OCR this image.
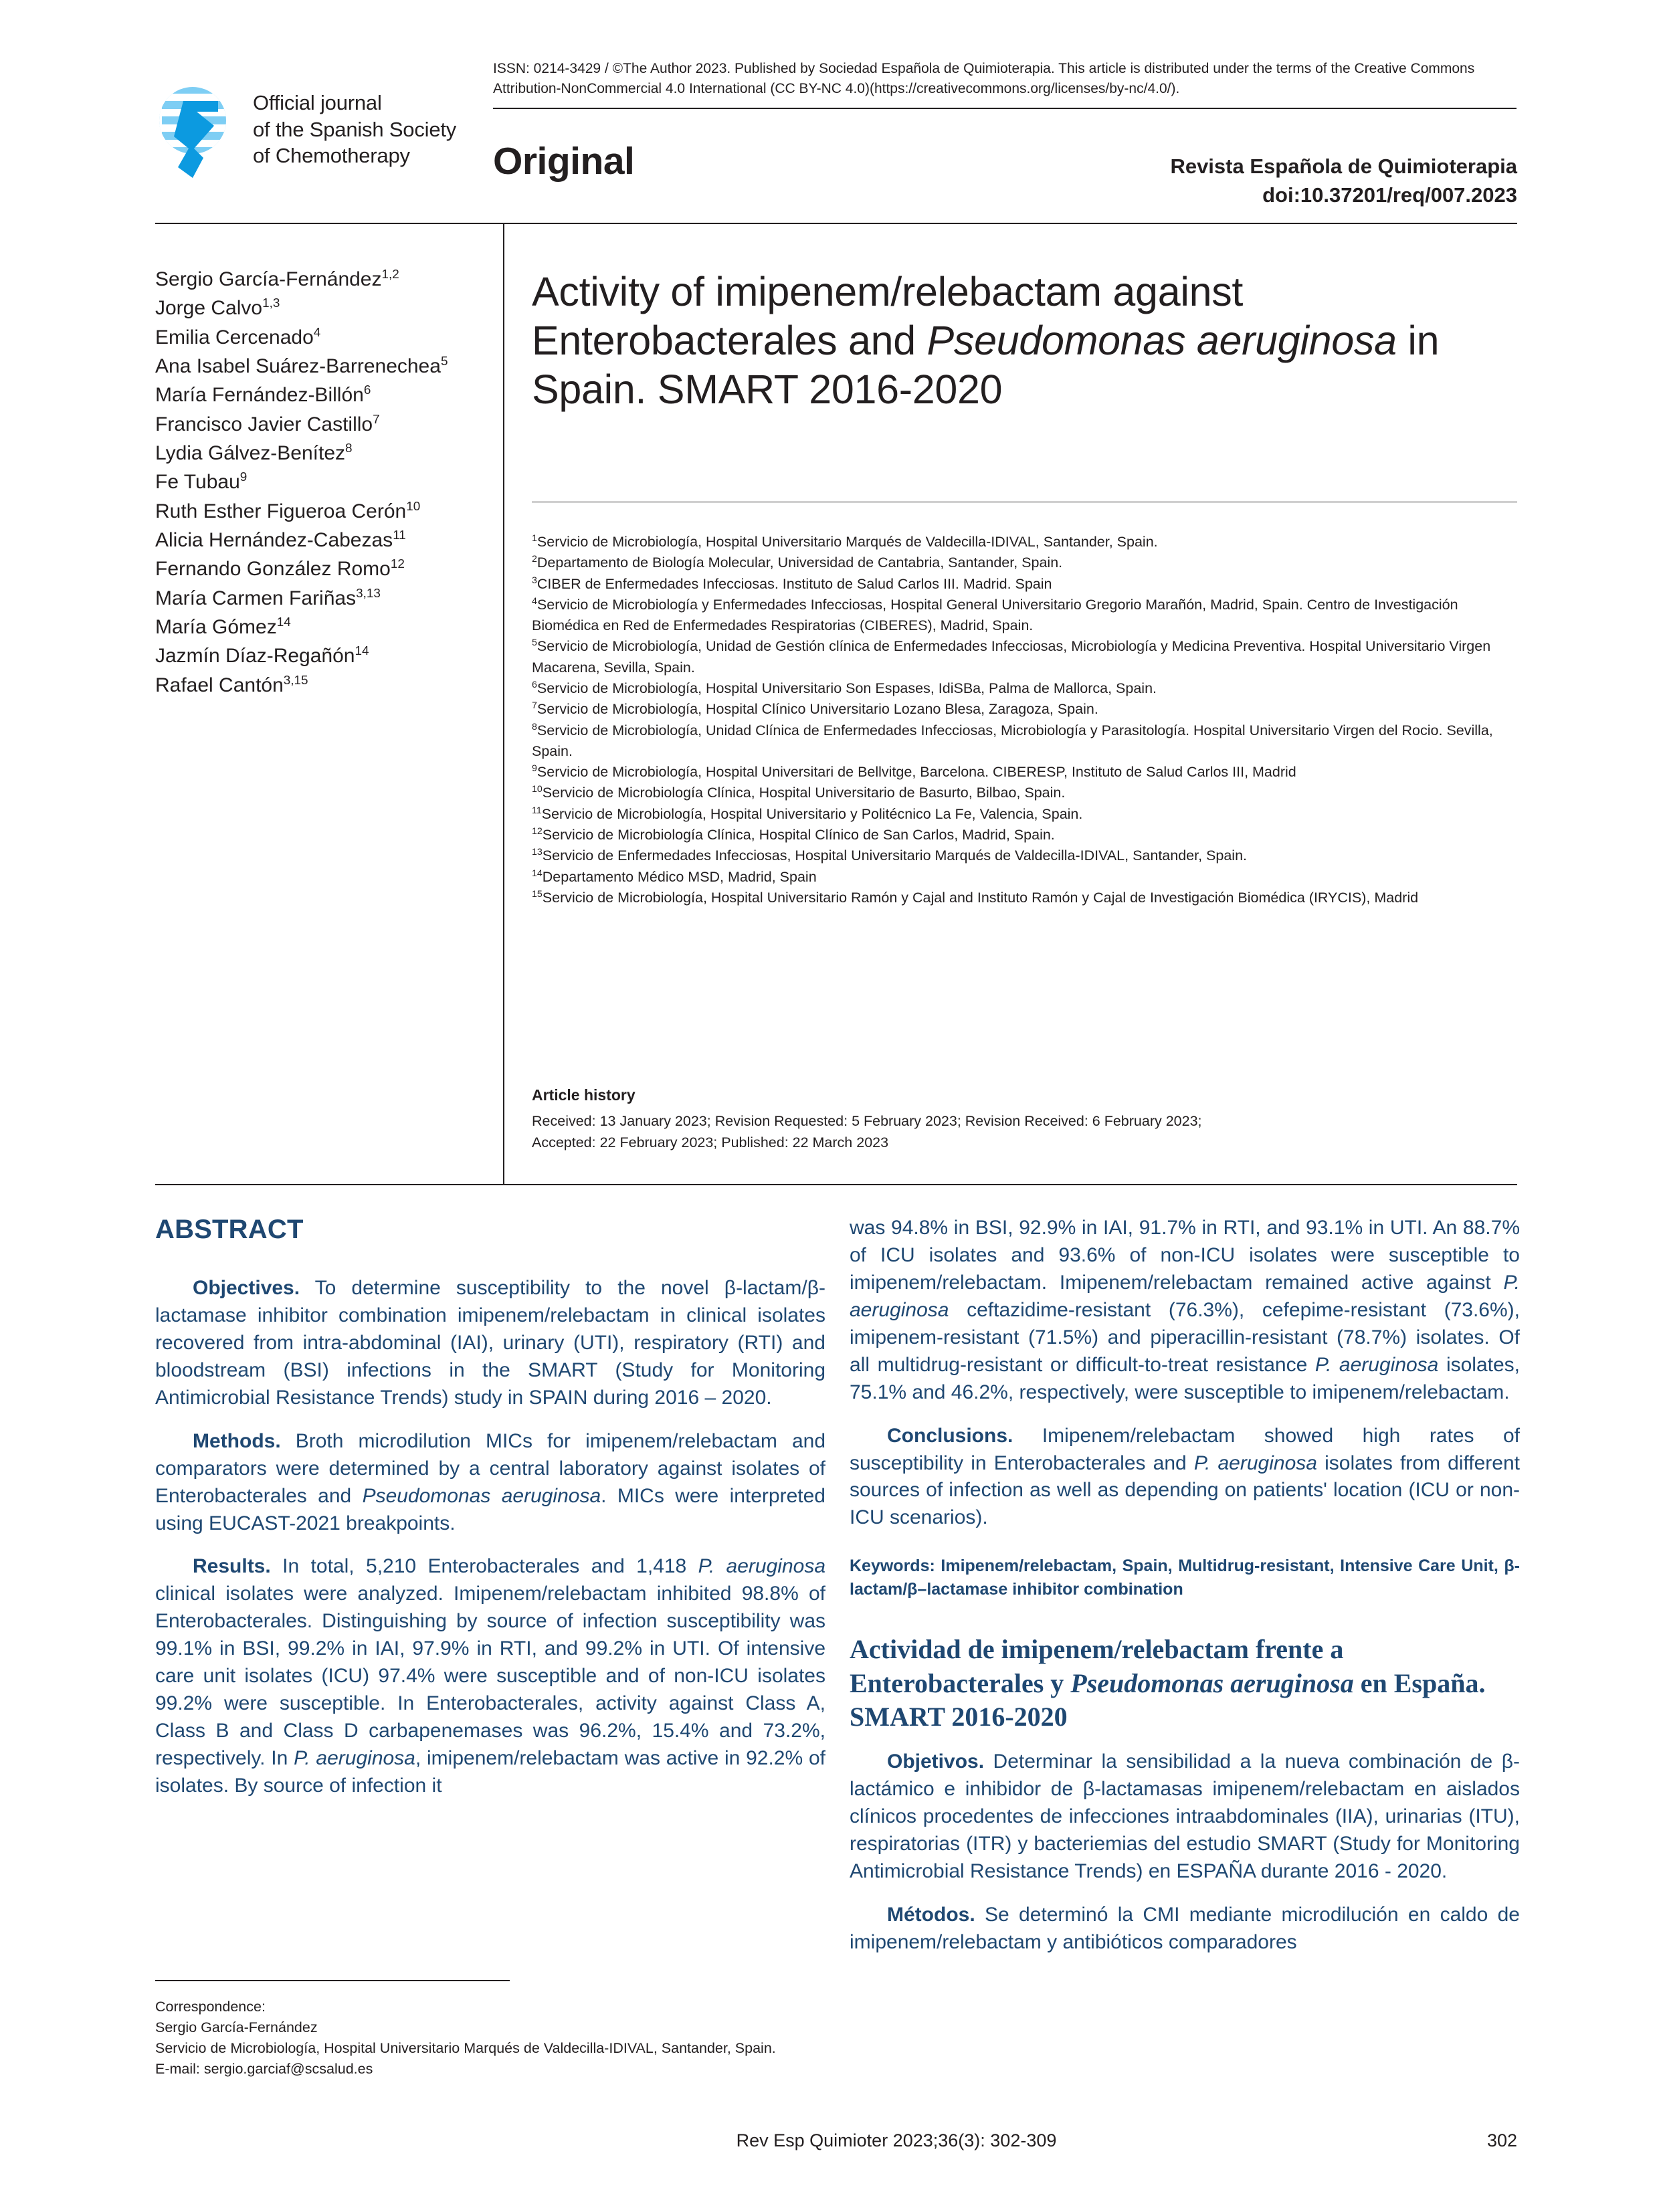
Official journal
of the Spanish Society
of Chemotherapy
ISSN: 0214-3429 / ©The Author 2023. Published by Sociedad Española de Quimioterapia. This article is distributed under the terms of the Creative Commons Attribution-NonCommercial 4.0 International (CC BY-NC 4.0)(https://creativecommons.org/licenses/by-nc/4.0/).
Original	Revista Española de Quimioterapia
doi:10.37201/req/007.2023
Sergio García-Fernández$^{1,2}$
Jorge Calvo$^{1,3}$
Emilia Cercenado$^4$
Ana Isabel Suárez-Barrenechea$^5$
María Fernández-Billón$^6$
Francisco Javier Castillo$^7$
Lydia Gálvez-Benítez$^8$
Fe Tubau$^9$
Ruth Esther Figueroa Cerón$^{10}$
Alicia Hernández-Cabezas$^{11}$
Fernando González Romo$^{12}$
María Carmen Fariñas$^{3,13}$
María Gómez$^{14}$
Jazmín Díaz-Regañón$^{14}$
Rafael Cantón$^{3,15}$
Activity of imipenem/relebactam against
Enterobacterales and Pseudomonas aeruginosa in
Spain. SMART 2016-2020
$^1$Servicio de Microbiología, Hospital Universitario Marqués de Valdecilla-IDIVAL, Santander, Spain.
$^2$Departamento de Biología Molecular, Universidad de Cantabria, Santander, Spain.
$^3$CIBER de Enfermedades Infecciosas. Instituto de Salud Carlos III. Madrid. Spain
$^4$Servicio de Microbiología y Enfermedades Infecciosas, Hospital General Universitario Gregorio Marañón, Madrid, Spain. Centro de Investigación Biomédica en Red de Enfermedades Respiratorias (CIBERES), Madrid, Spain.
$^5$Servicio de Microbiología, Unidad de Gestión clínica de Enfermedades Infecciosas, Microbiología y Medicina Preventiva. Hospital Universitario Virgen Macarena, Sevilla, Spain.
$^6$Servicio de Microbiología, Hospital Universitario Son Espases, IdiSBa, Palma de Mallorca, Spain.
$^7$Servicio de Microbiología, Hospital Clínico Universitario Lozano Blesa, Zaragoza, Spain.
$^8$Servicio de Microbiología, Unidad Clínica de Enfermedades Infecciosas, Microbiología y Parasitología. Hospital Universitario Virgen del Rocio. Sevilla, Spain.
$^9$Servicio de Microbiología, Hospital Universitari de Bellvitge, Barcelona. CIBERESP, Instituto de Salud Carlos III, Madrid
$^{10}$Servicio de Microbiología Clínica, Hospital Universitario de Basurto, Bilbao, Spain.
$^{11}$Servicio de Microbiología, Hospital Universitario y Politécnico La Fe, Valencia, Spain.
$^{12}$Servicio de Microbiología Clínica, Hospital Clínico de San Carlos, Madrid, Spain.
$^{13}$Servicio de Enfermedades Infecciosas, Hospital Universitario Marqués de Valdecilla-IDIVAL, Santander, Spain.
$^{14}$Departamento Médico MSD, Madrid, Spain
$^{15}$Servicio de Microbiología, Hospital Universitario Ramón y Cajal and Instituto Ramón y Cajal de Investigación Biomédica (IRYCIS), Madrid
Article history
Received: 13 January 2023; Revision Requested: 5 February 2023; Revision Received: 6 February 2023;
Accepted: 22 February 2023; Published: 22 March 2023
ABSTRACT

Objectives. To determine susceptibility to the novel β-lactam/β-lactamase inhibitor combination imipenem/relebactam in clinical isolates recovered from intra-abdominal (IAI), urinary (UTI), respiratory (RTI) and bloodstream (BSI) infections in the SMART (Study for Monitoring Antimicrobial Resistance Trends) study in SPAIN during 2016 – 2020.

Methods. Broth microdilution MICs for imipenem/relebactam and comparators were determined by a central laboratory against isolates of Enterobacterales and Pseudomonas aeruginosa. MICs were interpreted using EUCAST-2021 breakpoints.

Results. In total, 5,210 Enterobacterales and 1,418 P. aeruginosa clinical isolates were analyzed. Imipenem/relebactam inhibited 98.8% of Enterobacterales. Distinguishing by source of infection susceptibility was 99.1% in BSI, 99.2% in IAI, 97.9% in RTI, and 99.2% in UTI. Of intensive care unit isolates (ICU) 97.4% were susceptible and of non-ICU isolates 99.2% were susceptible. In Enterobacterales, activity against Class A, Class B and Class D carbapenemases was 96.2%, 15.4% and 73.2%, respectively. In P. aeruginosa, imipenem/relebactam was active in 92.2% of isolates. By source of infection it

was 94.8% in BSI, 92.9% in IAI, 91.7% in RTI, and 93.1% in UTI. An 88.7% of ICU isolates and 93.6% of non-ICU isolates were susceptible to imipenem/relebactam. Imipenem/relebactam remained active against P. aeruginosa ceftazidime-resistant (76.3%), cefepime-resistant (73.6%), imipenem-resistant (71.5%) and piperacillin-resistant (78.7%) isolates. Of all multidrug-resistant or difficult-to-treat resistance P. aeruginosa isolates, 75.1% and 46.2%, respectively, were susceptible to imipenem/relebactam.

Conclusions. Imipenem/relebactam showed high rates of susceptibility in Enterobacterales and P. aeruginosa isolates from different sources of infection as well as depending on patients' location (ICU or non-ICU scenarios).

Keywords: Imipenem/relebactam, Spain, Multidrug-resistant, Intensive Care Unit, β-lactam/β–lactamase inhibitor combination
Actividad de imipenem/relebactam frente a Enterobacterales y Pseudomonas aeruginosa en España. SMART 2016-2020

Objetivos. Determinar la sensibilidad a la nueva combinación de β-lactámico e inhibidor de β-lactamasas imipenem/relebactam en aislados clínicos procedentes de infecciones intraabdominales (IIA), urinarias (ITU), respiratorias (ITR) y bacteriemias del estudio SMART (Study for Monitoring Antimicrobial Resistance Trends) en ESPAÑA durante 2016 - 2020.

Métodos. Se determinó la CMI mediante microdilución en caldo de imipenem/relebactam y antibióticos comparadores

Correspondence:
Sergio García-Fernández
Servicio de Microbiología, Hospital Universitario Marqués de Valdecilla-IDIVAL, Santander, Spain.
E-mail: sergio.garciaf@scsalud.es
Rev Esp Quimioter 2023;36(3): 302-309	302
